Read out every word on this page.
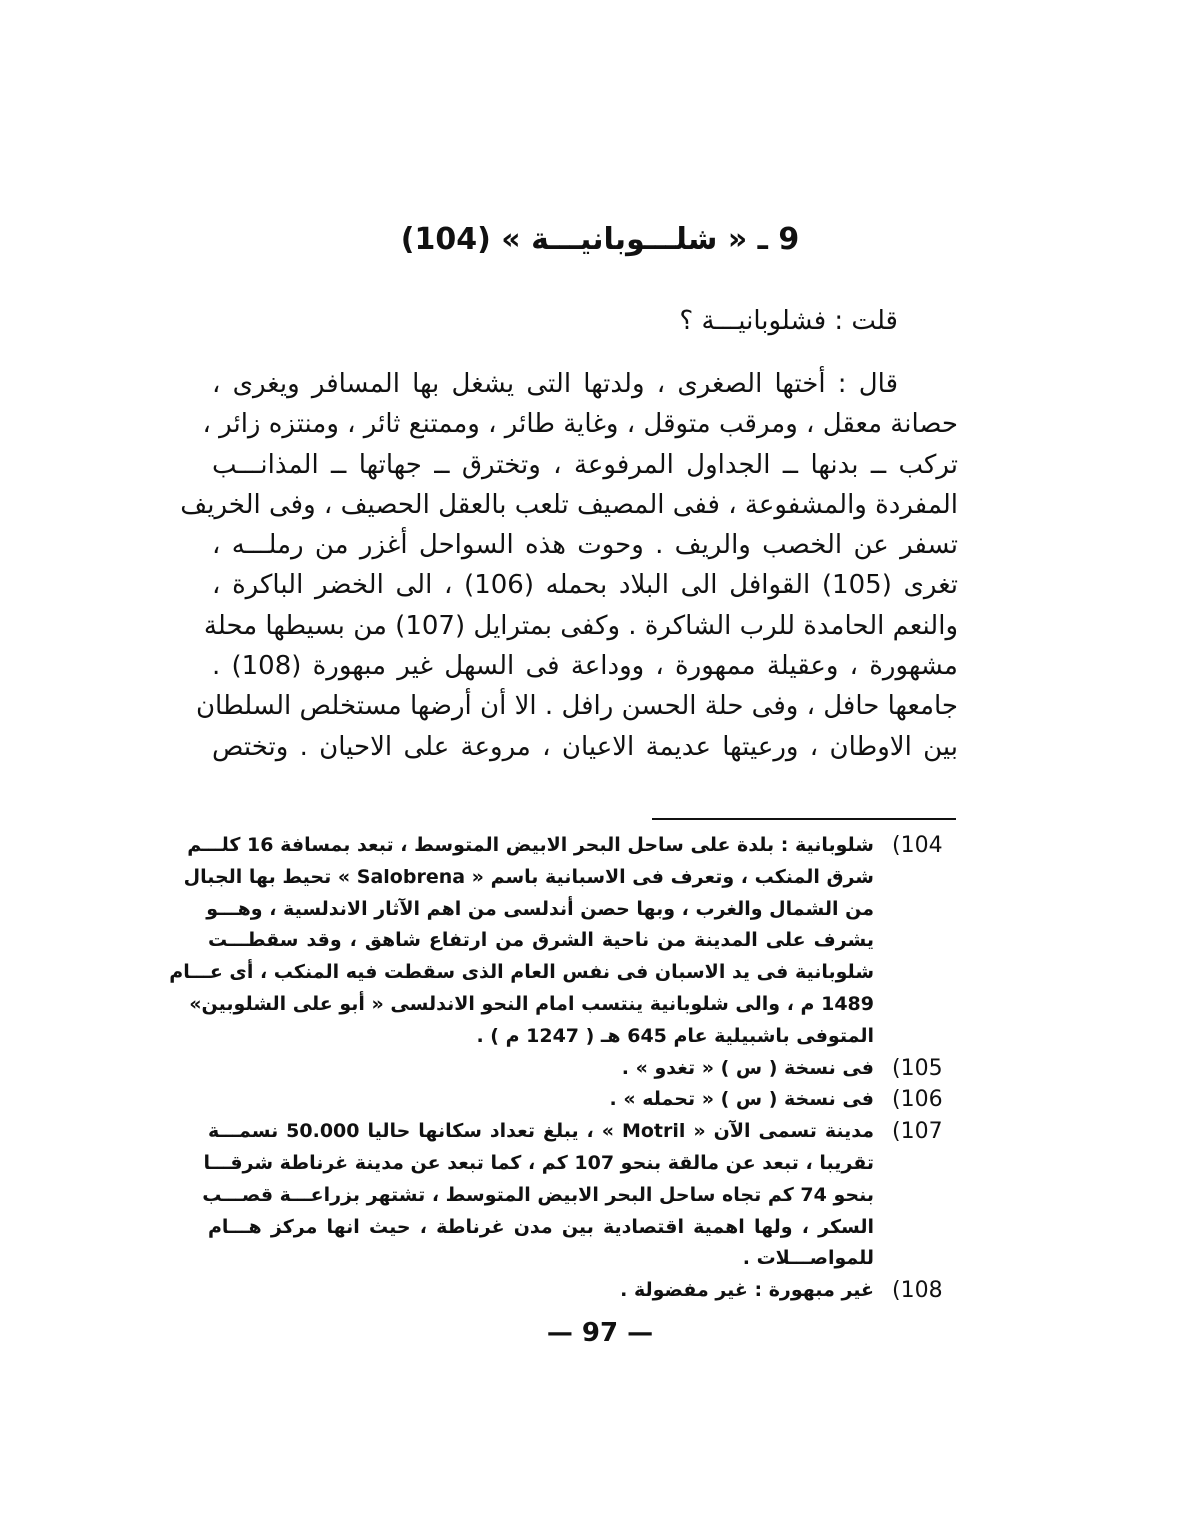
9 ـ « شلـــوبانيـــة » (104)
قلت : فشلوبانيـــة ؟
قال : أختها الصغرى ، ولدتها التى يشغل بها المسافر ويغرى ،
حصانة معقل ، ومرقب متوقل ، وغاية طائر ، وممتنع ثائر ، ومنتزه زائر ،
تركب ــ بدنها ــ الجداول المرفوعة ، وتخترق ــ جهاتها ــ المذانـــب
المفردة والمشفوعة ، ففى المصيف تلعب بالعقل الحصيف ، وفى الخريف
تسفر عن الخصب والريف . وحوت هذه السواحل أغزر من رملـــه ،
تغرى (105) القوافل الى البلاد بحمله (106) ، الى الخضر الباكرة ،
والنعم الحامدة للرب الشاكرة . وكفى بمترايل (107) من بسيطها محلة
مشهورة ، وعقيلة ممهورة ، ووداعة فى السهل غير مبهورة (108) .
جامعها حافل ، وفى حلة الحسن رافل . الا أن أرضها مستخلص السلطان
بين الاوطان ، ورعيتها عديمة الاعيان ، مروعة على الاحيان . وتختص
(104
شلوبانية : بلدة على ساحل البحر الابيض المتوسط ، تبعد بمسافة 16 كلـــم
شرق المنكب ، وتعرف فى الاسبانية باسم « Salobrena » تحيط بها الجبال
من الشمال والغرب ، وبها حصن أندلسى من اهم الآثار الاندلسية ، وهـــو
يشرف على المدينة من ناحية الشرق من ارتفاع شاهق ، وقد سقطـــت
شلوبانية فى يد الاسبان فى نفس العام الذى سقطت فيه المنكب ، أى عـــام
1489 م ، والى شلوبانية ينتسب امام النحو الاندلسى « أبو على الشلوبين»
المتوفى باشبيلية عام 645 هـ ( 1247 م ) .
(105
فى نسخة ( س ) « تغدو » .
(106
فى نسخة ( س ) « تحمله » .
(107
مدينة تسمى الآن « Motril » ، يبلغ تعداد سكانها حاليا 50.000 نسمـــة
تقريبا ، تبعد عن مالقة بنحو 107 كم ، كما تبعد عن مدينة غرناطة شرقـــا
بنحو 74 كم تجاه ساحل البحر الابيض المتوسط ، تشتهر بزراعـــة قصـــب
السكر ، ولها اهمية اقتصادية بين مدن غرناطة ، حيث انها مركز هـــام
للمواصـــلات .
(108
غير مبهورة : غير مفضولة .
— 97 —
